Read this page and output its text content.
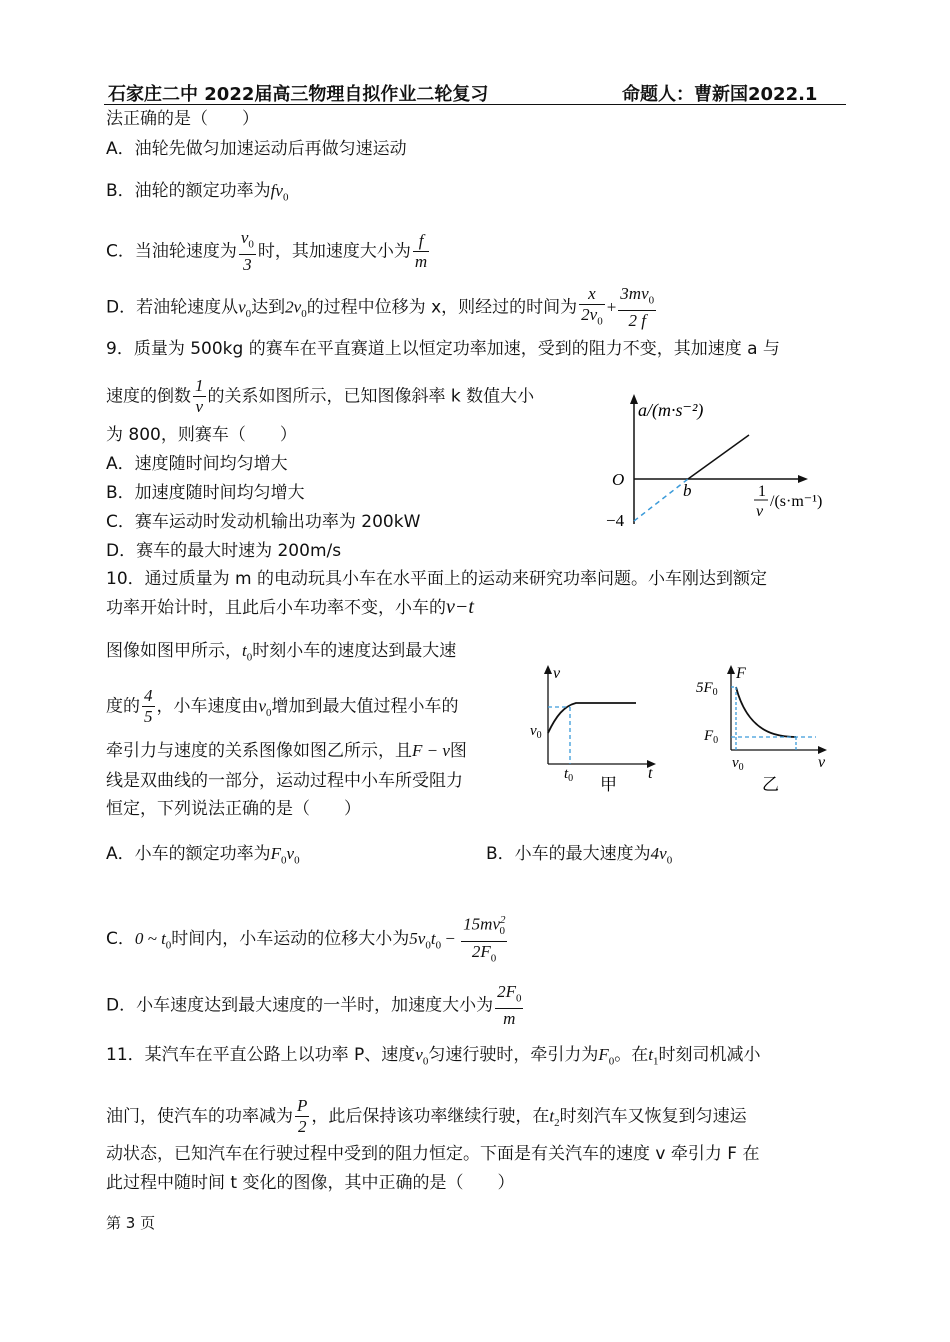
石家庄二中 2022届高三物理自拟作业二轮复习	命题人：曹新国2022.1
法正确的是（　　）
A．油轮先做匀加速运动后再做匀速运动
B．油轮的额定功率为$fv_0$
C．当油轮速度为 $\frac{v_0}{3}$ 时，其加速度大小为 $\frac{f}{m}$
D．若油轮速度从$v_0$达到$2v_0$的过程中位移为 x，则经过的时间为 $\frac{x}{2v_0} + \frac{3mv_0}{2 f}$
9．质量为 500kg 的赛车在平直赛道上以恒定功率加速，受到的阻力不变，其加速度 a 与
速度的倒数 $\frac{1}{v}$ 的关系如图所示，已知图像斜率 k 数值大小
为 800，则赛车（　　）
A．速度随时间均匀增大
B．加速度随时间均匀增大
C．赛车运动时发动机输出功率为 200kW
D．赛车的最大时速为 200m/s
a/(m·s⁻²)
O
b
−4
1
v
/(s·m⁻¹)
10．通过质量为 m 的电动玩具小车在水平面上的运动来研究功率问题。小车刚达到额定
功率开始计时，且此后小车功率不变，小车的v−t
图像如图甲所示，$t_0$时刻小车的速度达到最大速
度的 $\frac{4}{5}$ ，小车速度由$v_0$增加到最大值过程小车的
牵引力与速度的关系图像如图乙所示，且F − v图
线是双曲线的一部分，运动过程中小车所受阻力
恒定，下列说法正确的是（　　）
v
$v_0$
$t_0$	t
甲
F
$5F_0$
$F_0$
$v_0$	v
乙
A．小车的额定功率为$F_0v_0$	B．小车的最大速度为$4v_0$
C．0 ~ $t_0$时间内，小车运动的位移大小为$5v_0t_0 - \frac{15mv^2_0}{2F_0}$
D．小车速度达到最大速度的一半时，加速度大小为 $\frac{2F_0}{m}$
11．某汽车在平直公路上以功率 P、速度$v_0$匀速行驶时，牵引力为$F_0$。在$t_1$时刻司机减小
油门，使汽车的功率减为 $\frac{P}{2}$ ，此后保持该功率继续行驶，在$t_2$时刻汽车又恢复到匀速运
动状态，已知汽车在行驶过程中受到的阻力恒定。下面是有关汽车的速度 v 牵引力 F 在
此过程中随时间 t 变化的图像，其中正确的是（　　）
第 3 页
